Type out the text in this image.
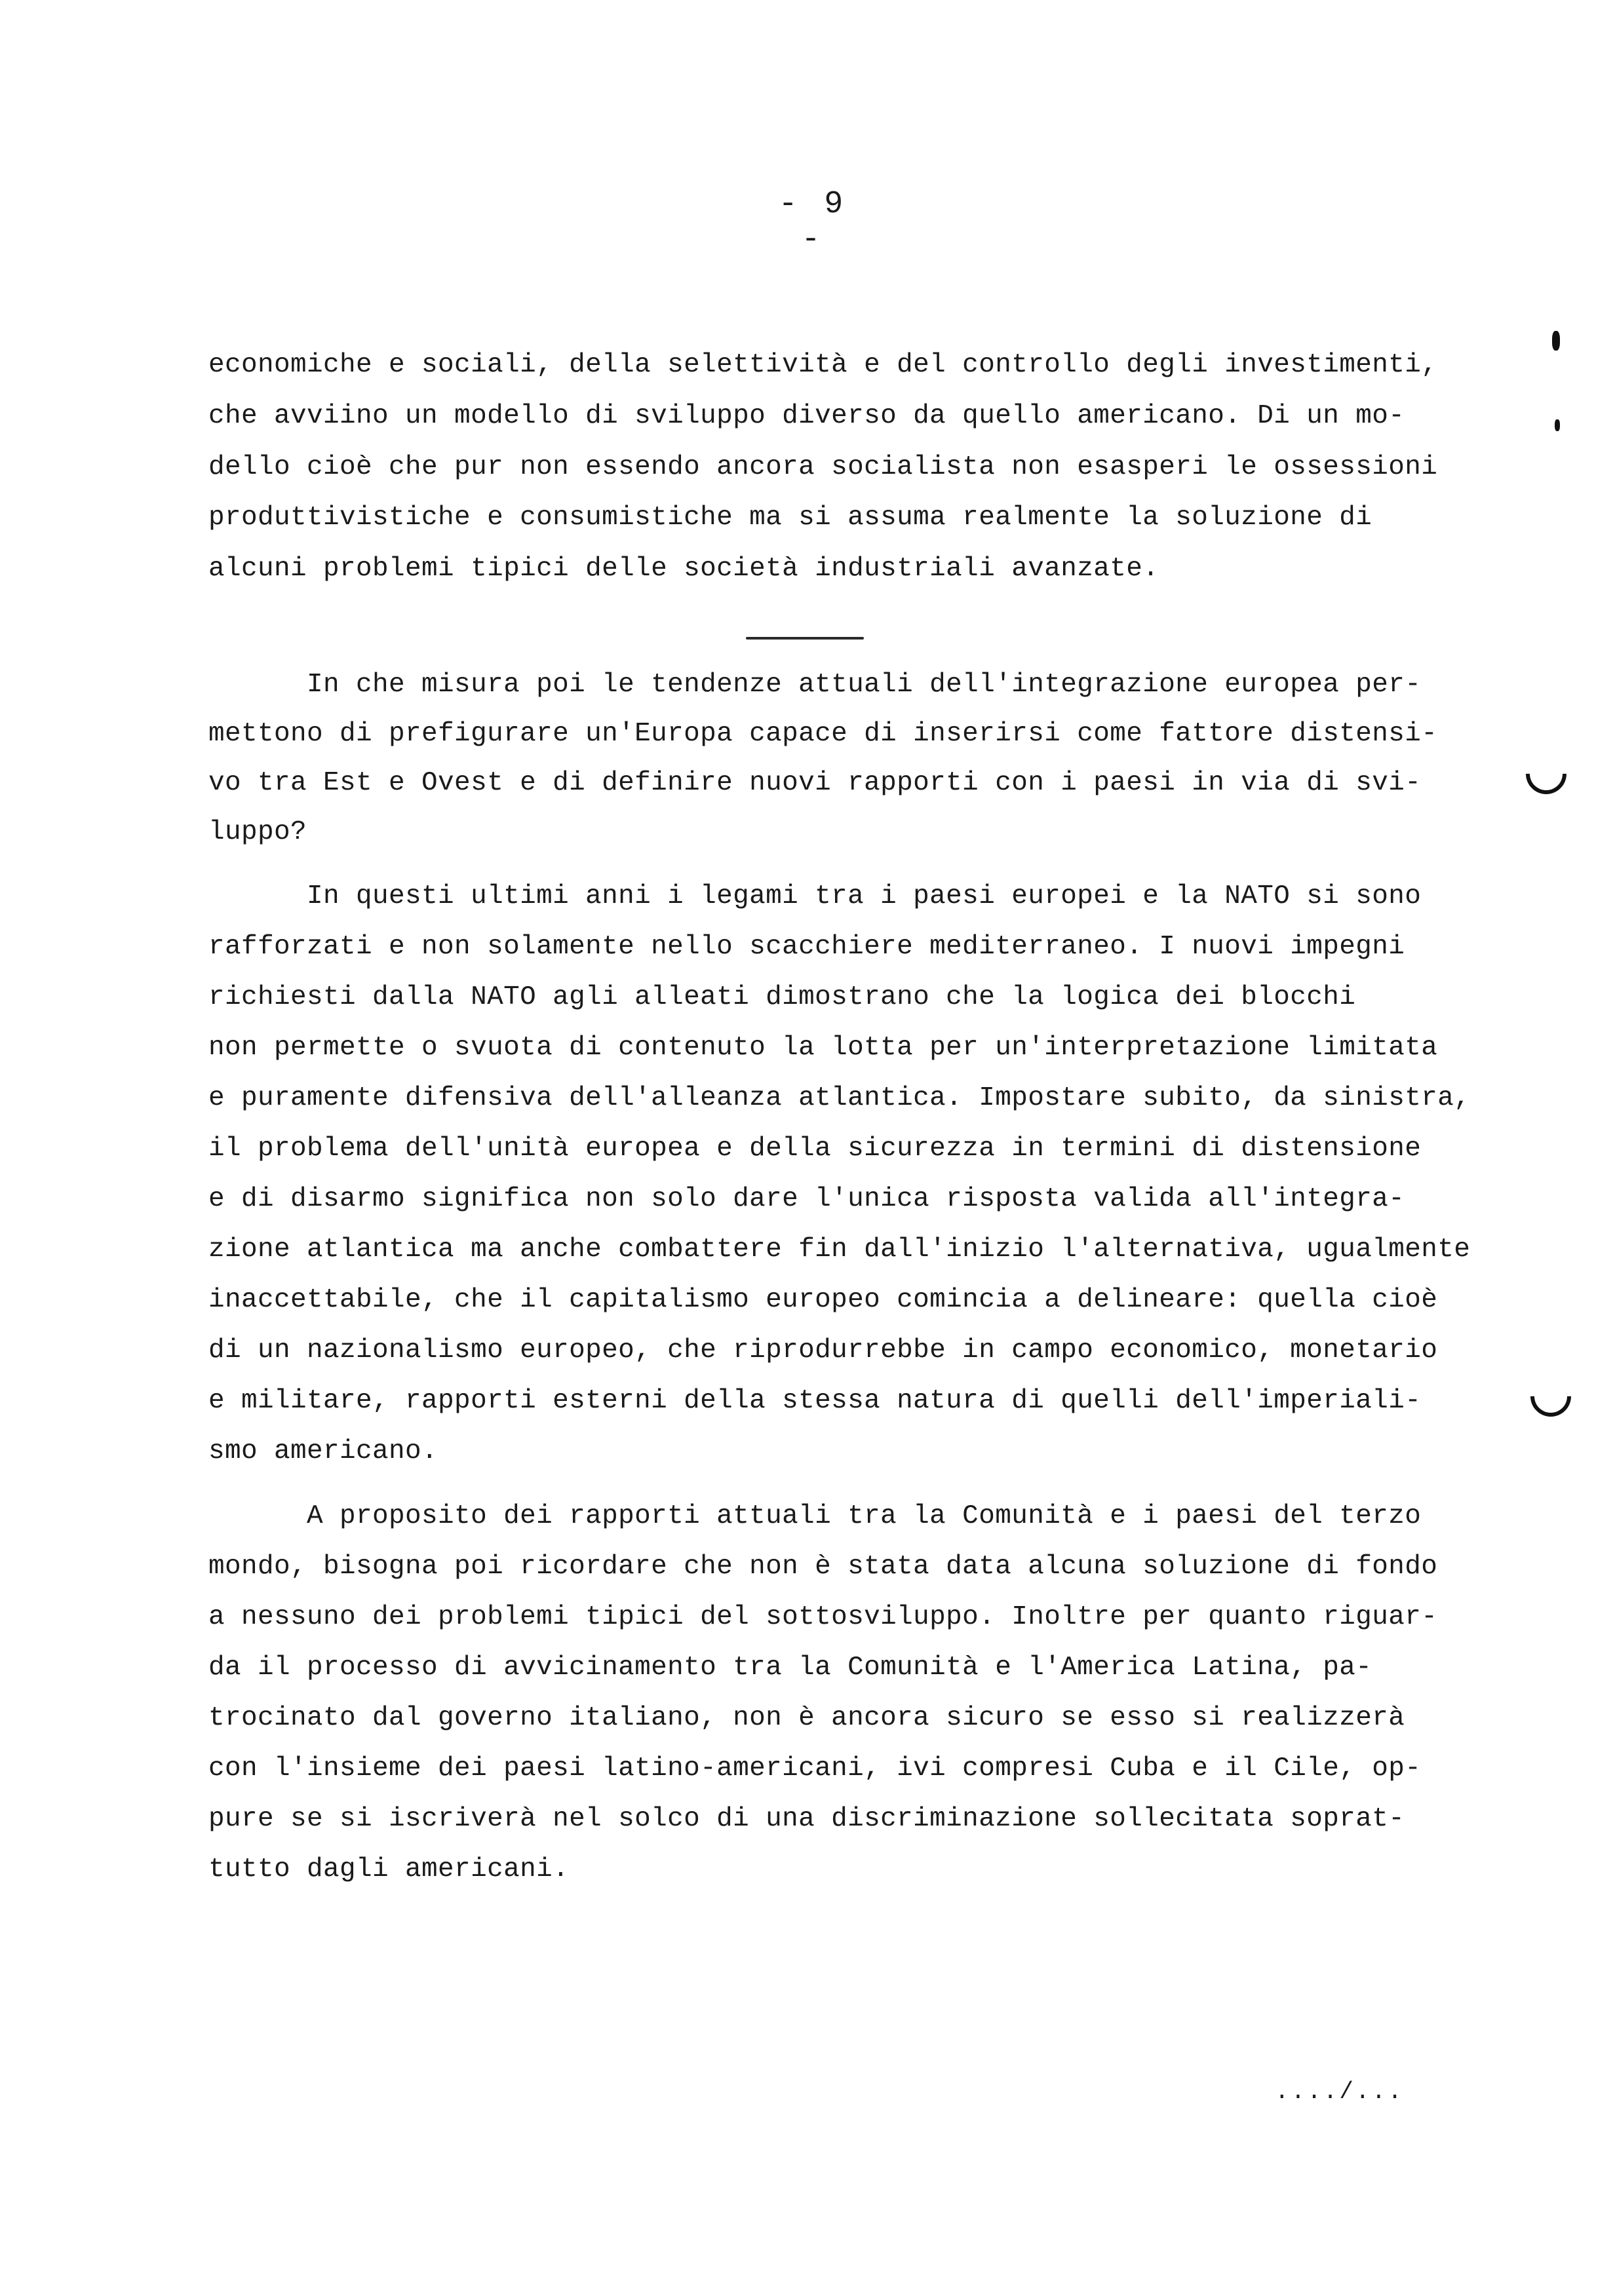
- 9 -
economiche e sociali, della selettività e del controllo degli investimenti,
che avviino un modello di sviluppo diverso da quello americano. Di un mo-
dello cioè che pur non essendo ancora socialista non esasperi le ossessioni
produttivistiche e consumistiche ma si assuma realmente la soluzione di
alcuni problemi tipici delle società industriali avanzate.
In che misura poi le tendenze attuali dell'integrazione europea per-
mettono di prefigurare un'Europa capace di inserirsi come fattore distensi-
vo tra Est e Ovest e di definire nuovi rapporti con i paesi in via di svi-
luppo?
In questi ultimi anni i legami tra i paesi europei e la NATO si sono
rafforzati e non solamente nello scacchiere mediterraneo. I nuovi impegni
richiesti dalla NATO agli alleati dimostrano che la logica dei blocchi
non permette o svuota di contenuto la lotta per un'interpretazione limitata
e puramente difensiva dell'alleanza atlantica. Impostare subito, da sinistra,
il problema dell'unità europea e della sicurezza in termini di distensione
e di disarmo significa non solo dare l'unica risposta valida all'integra-
zione atlantica ma anche combattere fin dall'inizio l'alternativa, ugualmente
inaccettabile, che il capitalismo europeo comincia a delineare: quella cioè
di un nazionalismo europeo, che riprodurrebbe in campo economico, monetario
e militare, rapporti esterni della stessa natura di quelli dell'imperiali-
smo americano.
A proposito dei rapporti attuali tra la Comunità e i paesi del terzo
mondo, bisogna poi ricordare che non è stata data alcuna soluzione di fondo
a nessuno dei problemi tipici del sottosviluppo. Inoltre per quanto riguar-
da il processo di avvicinamento tra la Comunità e l'America Latina, pa-
trocinato dal governo italiano, non è ancora sicuro se esso si realizzerà
con l'insieme dei paesi latino-americani, ivi compresi Cuba e il Cile, op-
pure se si iscriverà nel solco di una discriminazione sollecitata soprat-
tutto dagli americani.
..../...
